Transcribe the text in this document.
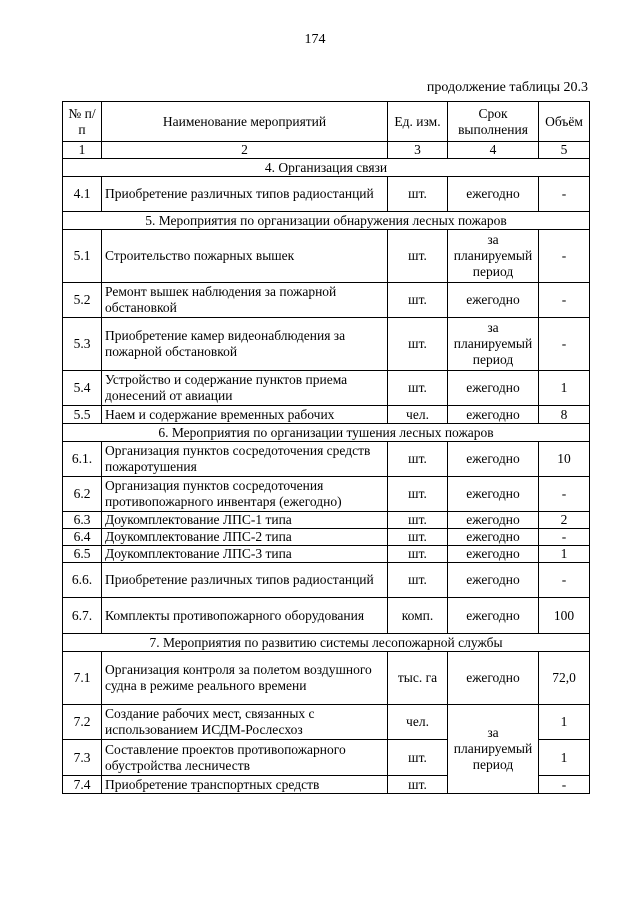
174
продолжение таблицы 20.3
№ п/п	Наименование мероприятий	Ед. изм.	Срок выполнения	Объём
1	2	3	4	5
4. Организация связи				
4.1	Приобретение различных типов радиостанций	шт.	ежегодно	-
5. Мероприятия по организации обнаружения лесных пожаров				
5.1	Строительство пожарных вышек	шт.	за планируемый период	-
5.2	Ремонт вышек наблюдения за пожарной обстановкой	шт.	ежегодно	-
5.3	Приобретение камер видеонаблюдения за пожарной обстановкой	шт.	за планируемый период	-
5.4	Устройство и содержание пунктов приема донесений от авиации	шт.	ежегодно	1
5.5	Наем и содержание временных рабочих	чел.	ежегодно	8
6. Мероприятия по организации тушения лесных пожаров				
6.1.	Организация пунктов сосредоточения средств пожаротушения	шт.	ежегодно	10
6.2	Организация пунктов сосредоточения противопожарного инвентаря (ежегодно)	шт.	ежегодно	-
6.3	Доукомплектование ЛПС-1 типа	шт.	ежегодно	2
6.4	Доукомплектование ЛПС-2 типа	шт.	ежегодно	-
6.5	Доукомплектование ЛПС-3 типа	шт.	ежегодно	1
6.6.	Приобретение различных типов радиостанций	шт.	ежегодно	-
6.7.	Комплекты противопожарного оборудования	комп.	ежегодно	100
7. Мероприятия по развитию системы лесопожарной службы				
7.1	Организация контроля за полетом воздушного судна в режиме реального времени	тыс. га	ежегодно	72,0
7.2	Создание рабочих мест, связанных с использованием ИСДМ-Рослесхоз	чел.	за планируемый период	1
7.3	Составление проектов противопожарного обустройства лесничеств	шт.		1
7.4	Приобретение транспортных средств	шт.		-
